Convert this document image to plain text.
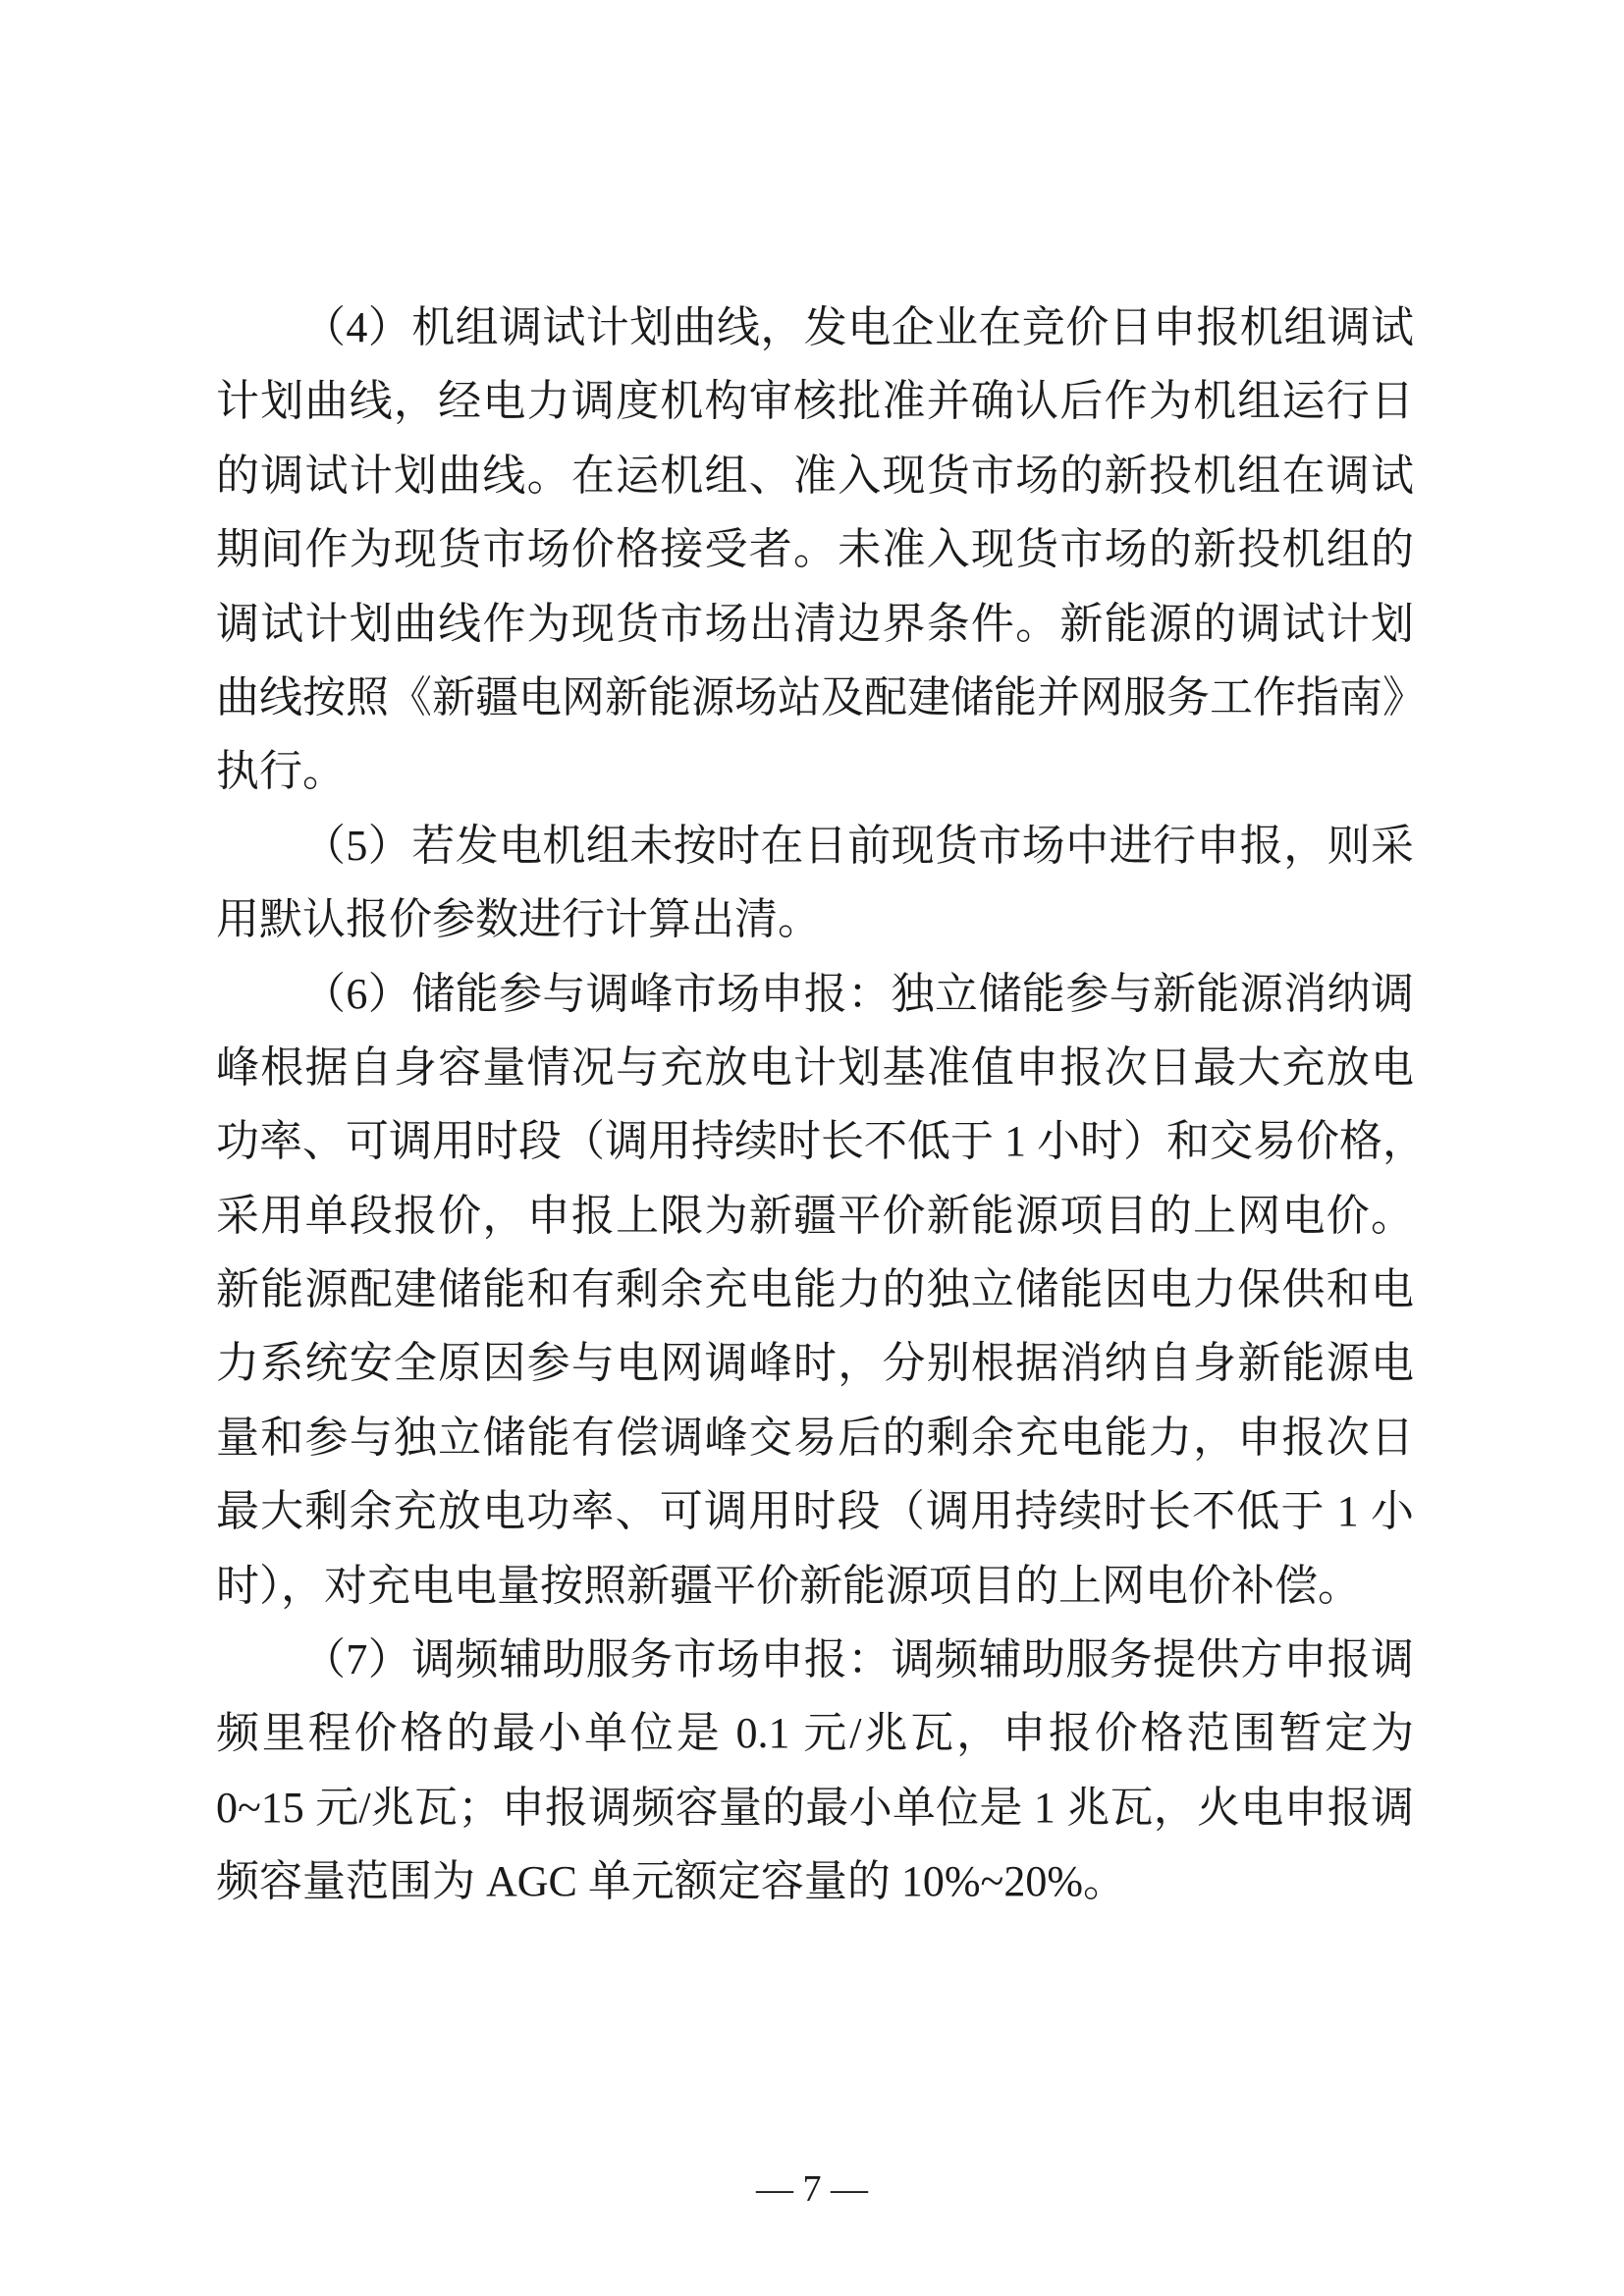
（4）机组调试计划曲线，发电企业在竞价日申报机组调试
计划曲线，经电力调度机构审核批准并确认后作为机组运行日
的调试计划曲线。在运机组、准入现货市场的新投机组在调试
期间作为现货市场价格接受者。未准入现货市场的新投机组的
调试计划曲线作为现货市场出清边界条件。新能源的调试计划
曲线按照《新疆电网新能源场站及配建储能并网服务工作指南》
执行。
（5）若发电机组未按时在日前现货市场中进行申报，则采
用默认报价参数进行计算出清。
（6）储能参与调峰市场申报：独立储能参与新能源消纳调
峰根据自身容量情况与充放电计划基准值申报次日最大充放电
功率、可调用时段（调用持续时长不低于 1 小时）和交易价格，
采用单段报价，申报上限为新疆平价新能源项目的上网电价。
新能源配建储能和有剩余充电能力的独立储能因电力保供和电
力系统安全原因参与电网调峰时，分别根据消纳自身新能源电
量和参与独立储能有偿调峰交易后的剩余充电能力，申报次日
最大剩余充放电功率、可调用时段（调用持续时长不低于 1 小
时），对充电电量按照新疆平价新能源项目的上网电价补偿。
（7）调频辅助服务市场申报：调频辅助服务提供方申报调
频里程价格的最小单位是 0.1 元/兆瓦，申报价格范围暂定为
0~15 元/兆瓦；申报调频容量的最小单位是 1 兆瓦，火电申报调
频容量范围为 AGC 单元额定容量的 10%~20%。
— 7 —
